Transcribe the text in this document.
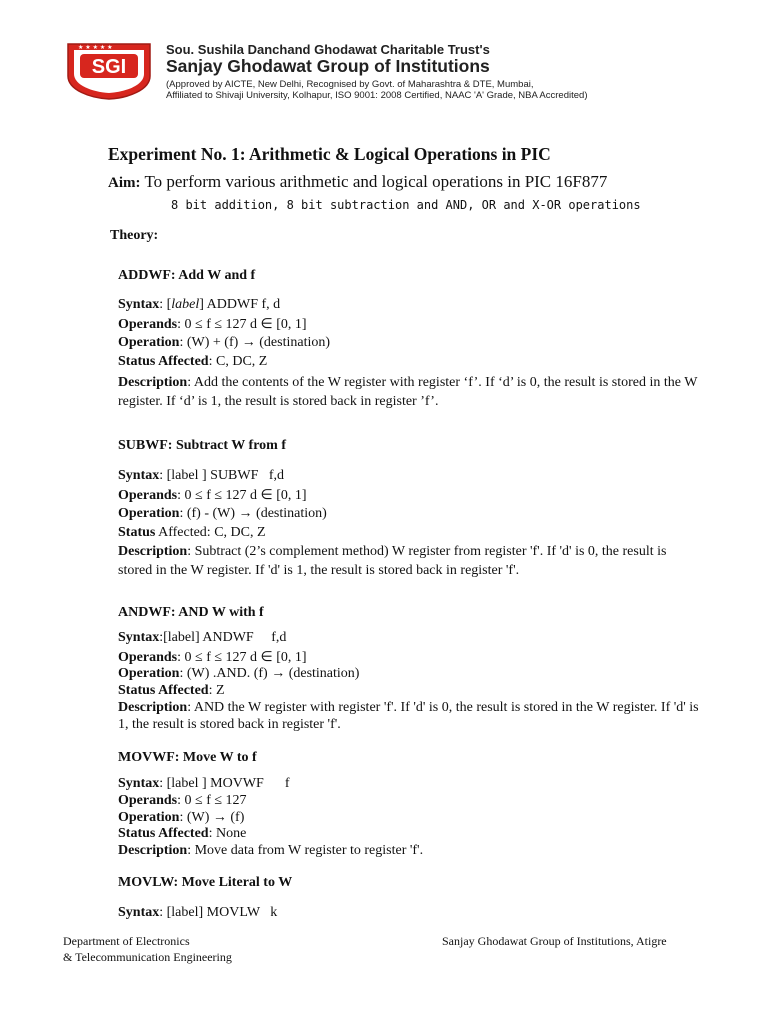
★ ★ ★ ★ ★
SGI
Sou. Sushila Danchand Ghodawat Charitable Trust's
Sanjay Ghodawat Group of Institutions
(Approved by AICTE, New Delhi, Recognised by Govt. of Maharashtra & DTE, Mumbai,
Affiliated to Shivaji University, Kolhapur, ISO 9001: 2008 Certified, NAAC 'A' Grade, NBA Accredited)
Experiment No. 1: Arithmetic & Logical Operations in PIC
Aim: To perform various arithmetic and logical operations in PIC 16F877
8 bit addition, 8 bit subtraction and AND, OR and X-OR operations
Theory:
ADDWF: Add W and f
Syntax: [label] ADDWF f, d
Operands: 0 ≤ f ≤ 127 d ∈ [0, 1]
Operation: (W) + (f) → (destination)
Status Affected: C, DC, Z
Description: Add the contents of the W register with register ‘f’. If ‘d’ is 0, the result is stored in the W register. If ‘d’ is 1, the result is stored back in register ’f’.
SUBWF: Subtract W from f
Syntax: [label ] SUBWF   f,d
Operands: 0 ≤ f ≤ 127 d ∈ [0, 1]
Operation: (f) - (W) → (destination)
Status Affected: C, DC, Z
Description: Subtract (2’s complement method) W register from register 'f'. If 'd' is 0, the result is stored in the W register. If 'd' is 1, the result is stored back in register 'f'.
ANDWF: AND W with f
Syntax:[label] ANDWF     f,d
Operands: 0 ≤ f ≤ 127 d ∈ [0, 1]
Operation: (W) .AND. (f) → (destination)
Status Affected: Z
Description: AND the W register with register 'f'. If 'd' is 0, the result is stored in the W register. If 'd' is 1, the result is stored back in register 'f'.
MOVWF: Move W to f
Syntax: [label ] MOVWF      f
Operands: 0 ≤ f ≤ 127
Operation: (W) → (f)
Status Affected: None
Description: Move data from W register to register 'f'.
MOVLW: Move Literal to W
Syntax: [label] MOVLW   k
Department of Electronics
& Telecommunication Engineering
Sanjay Ghodawat Group of Institutions, Atigre
